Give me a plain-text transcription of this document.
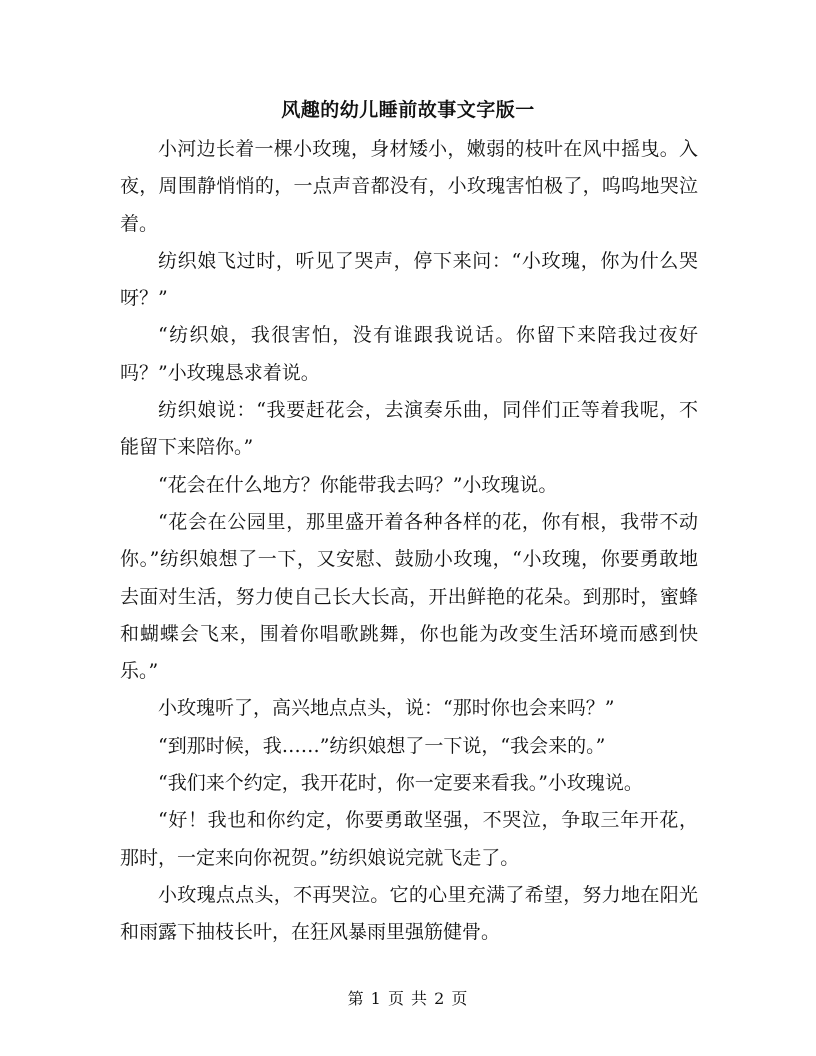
风趣的幼儿睡前故事文字版一

小河边长着一棵小玫瑰，身材矮小，嫩弱的枝叶在风中摇曳。入夜，周围静悄悄的，一点声音都没有，小玫瑰害怕极了，呜呜地哭泣着。

纺织娘飞过时，听见了哭声，停下来问：“小玫瑰，你为什么哭呀？”

“纺织娘，我很害怕，没有谁跟我说话。你留下来陪我过夜好吗？”小玫瑰恳求着说。

纺织娘说：“我要赶花会，去演奏乐曲，同伴们正等着我呢，不能留下来陪你。”

“花会在什么地方？你能带我去吗？”小玫瑰说。

“花会在公园里，那里盛开着各种各样的花，你有根，我带不动你。”纺织娘想了一下，又安慰、鼓励小玫瑰，“小玫瑰，你要勇敢地去面对生活，努力使自己长大长高，开出鲜艳的花朵。到那时，蜜蜂和蝴蝶会飞来，围着你唱歌跳舞，你也能为改变生活环境而感到快乐。”

小玫瑰听了，高兴地点点头，说：“那时你也会来吗？”

“到那时候，我……”纺织娘想了一下说，“我会来的。”

“我们来个约定，我开花时，你一定要来看我。”小玫瑰说。

“好！我也和你约定，你要勇敢坚强，不哭泣，争取三年开花，那时，一定来向你祝贺。”纺织娘说完就飞走了。

小玫瑰点点头，不再哭泣。它的心里充满了希望，努力地在阳光和雨露下抽枝长叶，在狂风暴雨里强筋健骨。

第 1 页 共 2 页
